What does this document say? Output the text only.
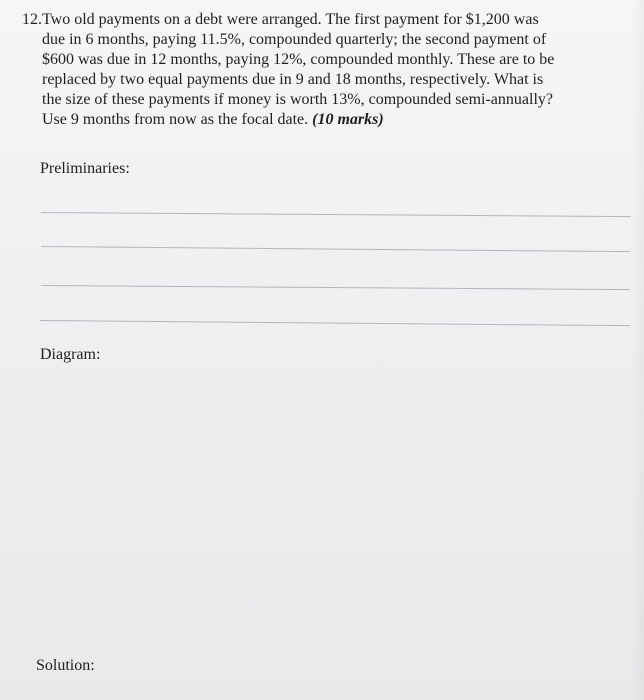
12. Two old payments on a debt were arranged. The first payment for $1,200 was
due in 6 months, paying 11.5%, compounded quarterly; the second payment of
$600 was due in 12 months, paying 12%, compounded monthly. These are to be
replaced by two equal payments due in 9 and 18 months, respectively. What is
the size of these payments if money is worth 13%, compounded semi-annually?
Use 9 months from now as the focal date. (10 marks)
Preliminaries:
Diagram:
Solution:
